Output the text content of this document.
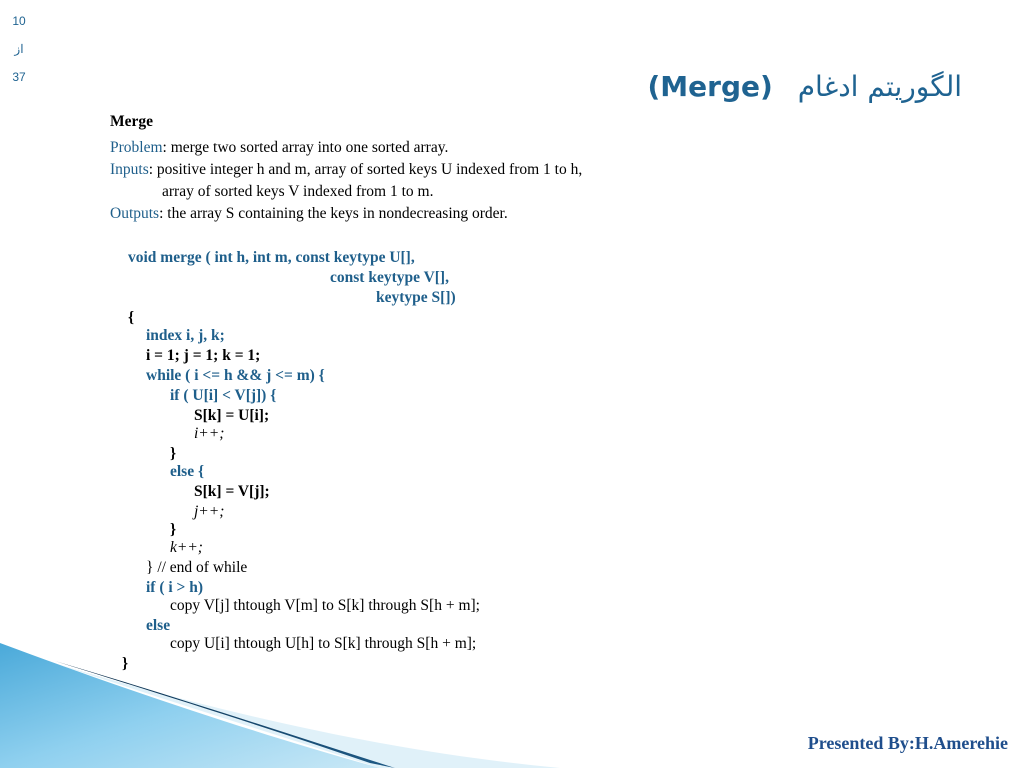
10
از
37	الگوریتم ادغام (Merge)
Merge
Problem: merge two sorted array into one sorted array.
Inputs: positive integer h and m, array of sorted keys U indexed from 1 to h,
array of sorted keys V indexed from 1 to m.
Outputs: the array S containing the keys in nondecreasing order.
void merge ( int h, int m, const keytype U[],
const keytype V[],
keytype S[])
{
index i, j, k;
i = 1; j = 1; k = 1;
while ( i <= h && j <= m) {
if ( U[i] < V[j]) {
S[k] = U[i];
i++;
}
else {
S[k] = V[j];
j++;
}
k++;
} // end of while
if ( i > h)
copy V[j] thtough V[m] to S[k] through S[h + m];
else
copy U[i] thtough U[h] to S[k] through S[h + m];
}
Presented By:H.Amerehie
